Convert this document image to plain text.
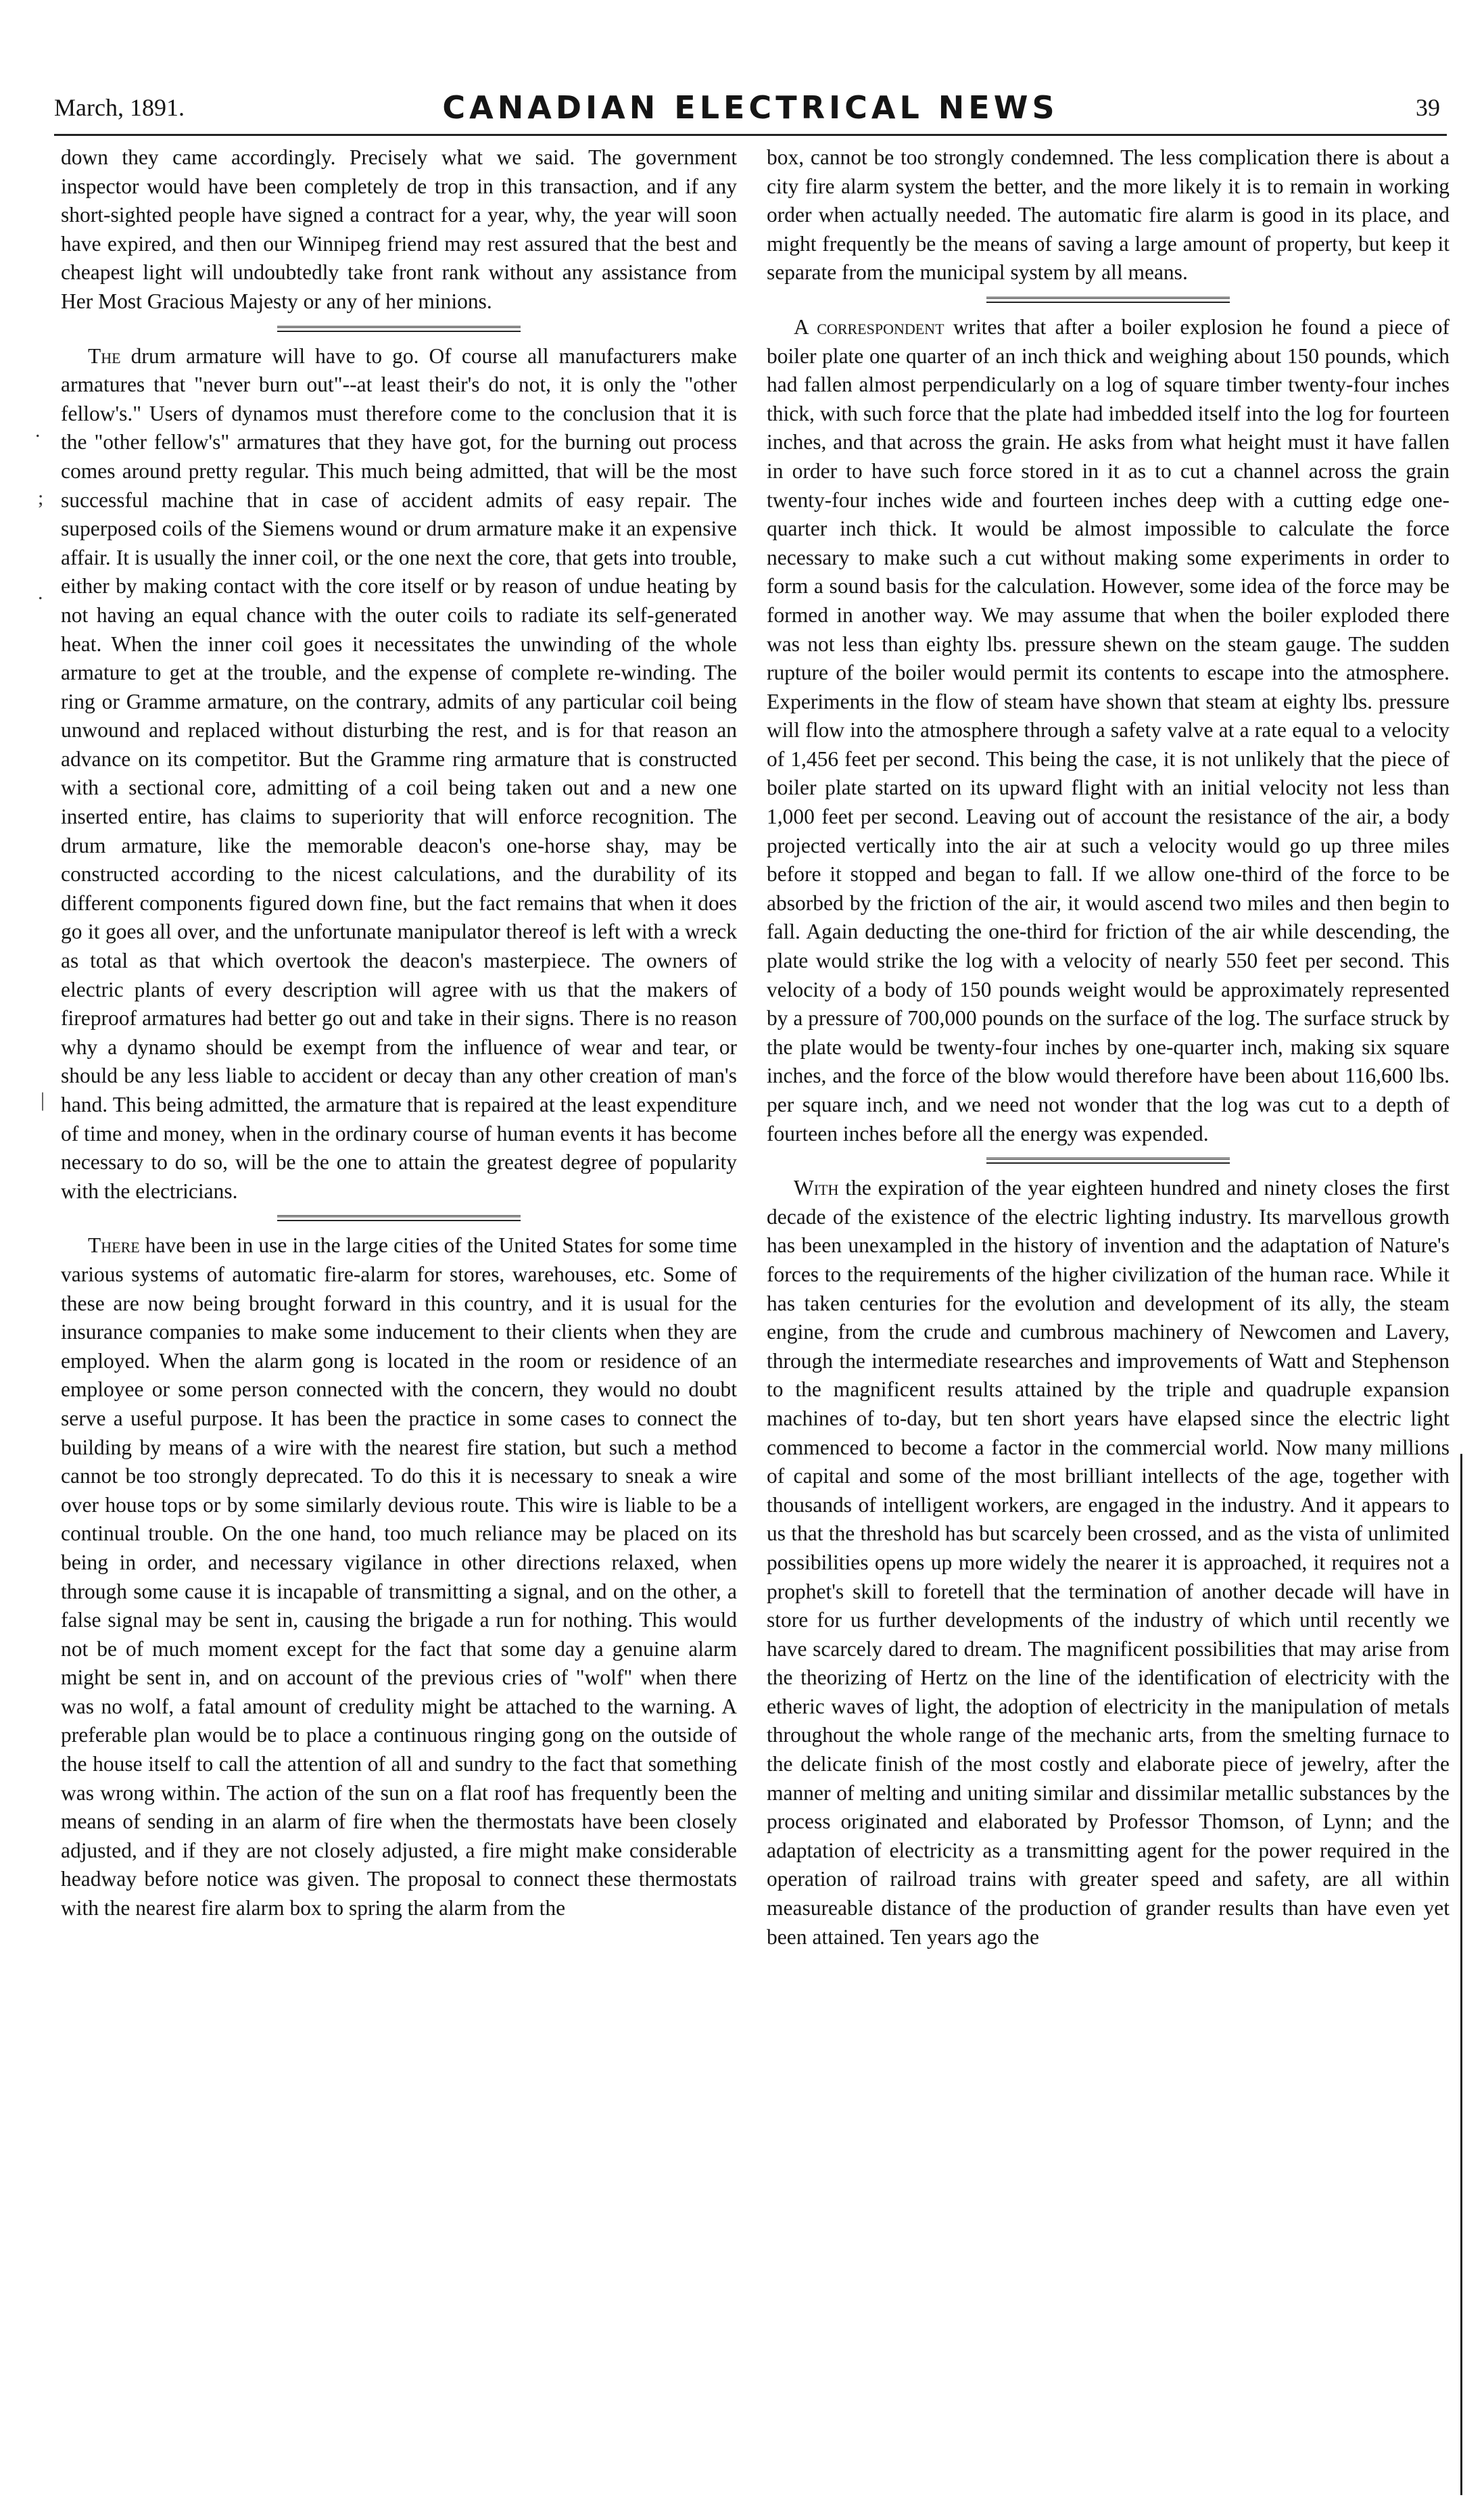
March, 1891.	CANADIAN ELECTRICAL NEWS	39
.
;
.
|

down they came accordingly. Precisely what we said. The government inspector would have been completely de trop in this transaction, and if any short-sighted people have signed a contract for a year, why, the year will soon have expired, and then our Winnipeg friend may rest assured that the best and cheapest light will undoubtedly take front rank without any assistance from Her Most Gracious Majesty or any of her minions.

The drum armature will have to go. Of course all manufacturers make armatures that "never burn out"--at least their's do not, it is only the "other fellow's." Users of dynamos must therefore come to the conclusion that it is the "other fellow's" armatures that they have got, for the burning out process comes around pretty regular. This much being admitted, that will be the most successful machine that in case of accident admits of easy repair. The superposed coils of the Siemens wound or drum armature make it an expensive affair. It is usually the inner coil, or the one next the core, that gets into trouble, either by making contact with the core itself or by reason of undue heating by not having an equal chance with the outer coils to radiate its self-generated heat. When the inner coil goes it necessitates the unwinding of the whole armature to get at the trouble, and the expense of complete re-winding. The ring or Gramme armature, on the contrary, admits of any particular coil being unwound and replaced without disturbing the rest, and is for that reason an advance on its competitor. But the Gramme ring armature that is constructed with a sectional core, admitting of a coil being taken out and a new one inserted entire, has claims to superiority that will enforce recognition. The drum armature, like the memorable deacon's one-horse shay, may be constructed according to the nicest calculations, and the durability of its different components figured down fine, but the fact remains that when it does go it goes all over, and the unfortunate manipulator thereof is left with a wreck as total as that which overtook the deacon's masterpiece. The owners of electric plants of every description will agree with us that the makers of fireproof armatures had better go out and take in their signs. There is no reason why a dynamo should be exempt from the influence of wear and tear, or should be any less liable to accident or decay than any other creation of man's hand. This being admitted, the armature that is repaired at the least expenditure of time and money, when in the ordinary course of human events it has become necessary to do so, will be the one to attain the greatest degree of popularity with the electricians.

There have been in use in the large cities of the United States for some time various systems of automatic fire-alarm for stores, warehouses, etc. Some of these are now being brought forward in this country, and it is usual for the insurance companies to make some inducement to their clients when they are employed. When the alarm gong is located in the room or residence of an employee or some person connected with the concern, they would no doubt serve a useful purpose. It has been the practice in some cases to connect the building by means of a wire with the nearest fire station, but such a method cannot be too strongly deprecated. To do this it is necessary to sneak a wire over house tops or by some similarly devious route. This wire is liable to be a continual trouble. On the one hand, too much reliance may be placed on its being in order, and necessary vigilance in other directions relaxed, when through some cause it is incapable of transmitting a signal, and on the other, a false signal may be sent in, causing the brigade a run for nothing. This would not be of much moment except for the fact that some day a genuine alarm might be sent in, and on account of the previous cries of "wolf" when there was no wolf, a fatal amount of credulity might be attached to the warning. A preferable plan would be to place a continuous ringing gong on the outside of the house itself to call the attention of all and sundry to the fact that something was wrong within. The action of the sun on a flat roof has frequently been the means of sending in an alarm of fire when the thermostats have been closely adjusted, and if they are not closely adjusted, a fire might make considerable headway before notice was given. The proposal to connect these thermostats with the nearest fire alarm box to spring the alarm from the

box, cannot be too strongly condemned. The less complication there is about a city fire alarm system the better, and the more likely it is to remain in working order when actually needed. The automatic fire alarm is good in its place, and might frequently be the means of saving a large amount of property, but keep it separate from the municipal system by all means.

A correspondent writes that after a boiler explosion he found a piece of boiler plate one quarter of an inch thick and weighing about 150 pounds, which had fallen almost perpendicularly on a log of square timber twenty-four inches thick, with such force that the plate had imbedded itself into the log for fourteen inches, and that across the grain. He asks from what height must it have fallen in order to have such force stored in it as to cut a channel across the grain twenty-four inches wide and fourteen inches deep with a cutting edge one-quarter inch thick. It would be almost impossible to calculate the force necessary to make such a cut without making some experiments in order to form a sound basis for the calculation. However, some idea of the force may be formed in another way. We may assume that when the boiler exploded there was not less than eighty lbs. pressure shewn on the steam gauge. The sudden rupture of the boiler would permit its contents to escape into the atmosphere. Experiments in the flow of steam have shown that steam at eighty lbs. pressure will flow into the atmosphere through a safety valve at a rate equal to a velocity of 1,456 feet per second. This being the case, it is not unlikely that the piece of boiler plate started on its upward flight with an initial velocity not less than 1,000 feet per second. Leaving out of account the resistance of the air, a body projected vertically into the air at such a velocity would go up three miles before it stopped and began to fall. If we allow one-third of the force to be absorbed by the friction of the air, it would ascend two miles and then begin to fall. Again deducting the one-third for friction of the air while descending, the plate would strike the log with a velocity of nearly 550 feet per second. This velocity of a body of 150 pounds weight would be approximately represented by a pressure of 700,000 pounds on the surface of the log. The surface struck by the plate would be twenty-four inches by one-quarter inch, making six square inches, and the force of the blow would therefore have been about 116,600 lbs. per square inch, and we need not wonder that the log was cut to a depth of fourteen inches before all the energy was expended.

With the expiration of the year eighteen hundred and ninety closes the first decade of the existence of the electric lighting industry. Its marvellous growth has been unexampled in the history of invention and the adaptation of Nature's forces to the requirements of the higher civilization of the human race. While it has taken centuries for the evolution and development of its ally, the steam engine, from the crude and cumbrous machinery of Newcomen and Lavery, through the intermediate researches and improvements of Watt and Stephenson to the magnificent results attained by the triple and quadruple expansion machines of to-day, but ten short years have elapsed since the electric light commenced to become a factor in the commercial world. Now many millions of capital and some of the most brilliant intellects of the age, together with thousands of intelligent workers, are engaged in the industry. And it appears to us that the threshold has but scarcely been crossed, and as the vista of unlimited possibilities opens up more widely the nearer it is approached, it requires not a prophet's skill to foretell that the termination of another decade will have in store for us further developments of the industry of which until recently we have scarcely dared to dream. The magnificent possibilities that may arise from the theorizing of Hertz on the line of the identification of electricity with the etheric waves of light, the adoption of electricity in the manipulation of metals throughout the whole range of the mechanic arts, from the smelting furnace to the delicate finish of the most costly and elaborate piece of jewelry, after the manner of melting and uniting similar and dissimilar metallic substances by the process originated and elaborated by Professor Thomson, of Lynn; and the adaptation of electricity as a transmitting agent for the power required in the operation of railroad trains with greater speed and safety, are all within measureable distance of the production of grander results than have even yet been attained. Ten years ago the
